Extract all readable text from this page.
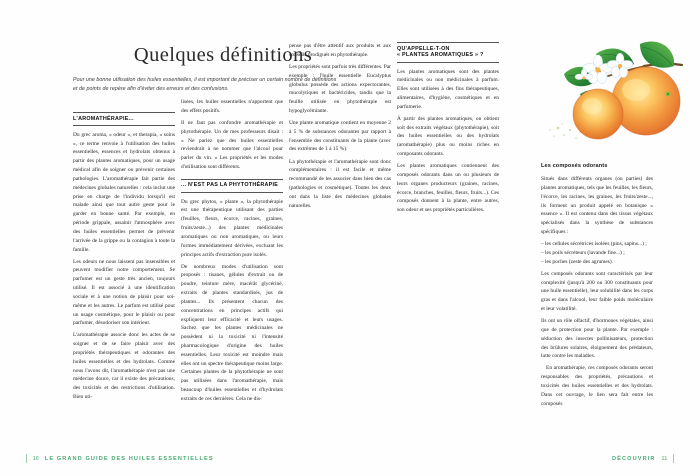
Quelques définitions
Pour une bonne utilisation des huiles essentielles, il est important de préciser un certain nombre de définitions et de points de repère afin d'éviter des erreurs et des confusions.
L'AROMATHÉRAPIE...

Du grec aroma, « odeur », et therapia, « soins », ce terme renvoie à l'utilisation des huiles essentielles, essences et hydrolats obtenus à partir des plantes aromatiques, pour un usage médical afin de soigner ou prévenir certaines pathologies. L'aromathérapie fait partie des médecines globales naturelles : cela inclut une prise en charge de l'individu lorsqu'il est malade ainsi que tout autre geste pour le garder en bonne santé. Par exemple, en période grippale, assainir l'atmosphère avec des huiles essentielles permet de prévenir l'arrivée de la grippe ou la contagion à toute la famille.

Les odeurs ne nous laissent pas insensibles et peuvent modifier notre comportement. Se parfumer est un geste très ancien, toujours utilisé. Il est associé à une identification sociale et à une notion de plaisir pour soi-même et les autres. Le parfum est utilisé pour un usage cosmétique, pour le plaisir ou pour parfumer, désodoriser son intérieur.

L'aromathérapie associe donc les actes de se soigner et de se faire plaisir avec des propriétés thérapeutiques et odorantes des huiles essentielles et des hydrolats. Comme nous l'avons dit, l'aromathérapie n'est pas une médecine douce, car il existe des précautions, des toxicités et des restrictions d'utilisation. Bien uti-

lisées, les huiles essentielles n'apportent que des effets positifs.

Il ne faut pas confondre aromathérapie et phytothérapie. Un de mes professeurs disait : « Ne parlez que des huiles essentielles reviendrait à ne nommer que l'alcool pour parler du vin. » Les propriétés et les modes d'utilisation sont différents.

... N'EST PAS LA PHYTOTHÉRAPIE

Du grec phytos, « plante », la phytothérapie est une thérapeutique utilisant des parties (feuilles, fleurs, écorce, racines, graines, fruits/zeste...) des plantes médicinales aromatiques ou non aromatiques, ou leurs formes immédiatement dérivées, excluant les principes actifs d'extraction pure isolés.

De nombreux modes d'utilisation sont proposés : tisanes, gélules d'extrait ou de poudre, teinture mère, macérât glycériné, extraits de plantes standardisés, jus de plantes... Ils présentent chacun des concentrations en principes actifs qui expliquent leur efficacité et leurs usages. Sachez que les plantes médicinales ne possèdent ni la toxicité ni l'intensité pharmacologique d'origine des huiles essentielles. Leur toxicité est moindre mais elles ont un spectre thérapeutique moins large. Certaines plantes de la phytothérapie ne sont pas utilisées dans l'aromathérapie, mais beaucoup d'huiles essentielles et d'hydrolats extraits de ces dernières. Cela ne dis-

pense pas d'être attentif aux produits et aux conseils prodigués en phytothérapie.

Les propriétés sont parfois très différentes. Par exemple : l'huile essentielle Eucalyptus globulus possède des actions expectorantes, mucolytiques et bactéricides, tandis que la feuille utilisée en phytothérapie est hypoglycémiante.

Une plante aromatique contient en moyenne 2 à 5 % de substances odorantes par rapport à l'ensemble des constituants de la plante (avec des extrêmes de 1 à 15 %).

La phytothérapie et l'aromathérapie sont donc complémentaires : il est facile et même recommandé de les associer dans bien des cas (pathologies et cosmétique). Toutes les deux ont dans la liste des médecines globales naturelles.

QU'APPELLE-T-ON
« PLANTES AROMATIQUES » ?

Les plantes aromatiques sont des plantes médicinales ou non médicinales à parfum. Elles sont utilisées à des fins thérapeutiques, alimentaires, d'hygiène, cosmétiques et en parfumerie.

À partir des plantes aromatiques, on obtient soit des extraits végétaux (phytothérapie), soit des huiles essentielles ou des hydrolats (aromathérapie) plus ou moins riches en composants odorants.

Les plantes aromatiques contiennent des composés odorants dans un ou plusieurs de leurs organes producteurs (graines, racines, écorce, branches, feuilles, fleurs, fruits...). Ces composés donnent à la plante, entre autres, son odeur et ses propriétés particulières.

Les composés odorants

Situés dans différents organes (ou parties) des plantes aromatiques, tels que les feuilles, les fleurs, l'écorce, les racines, les graines, les fruits/zeste..., ils forment un produit appelé en botanique « essence ». Il est contenu dans des tissus végétaux spécialisés dans la synthèse de substances spécifiques :

– les cellules sécrétrices isolées (pins, sapins...) ;
– les poils sécréteurs (lavande fine...) ;
– les poches (zeste des agrumes).

Les composés odorants sont caractérisés par leur complexité (jusqu'à 200 ou 300 constituants pour une huile essentielle), leur solubilité dans les corps gras et dans l'alcool, leur faible poids moléculaire et leur volatilité.

Ils ont un rôle olfactif, d'hormones végétales, ainsi que de protection pour la plante. Par exemple : séduction des insectes pollinisateurs, protection des brûlures solaires, éloignement des prédateurs, lutte contre les maladies.

En aromathérapie, ces composés odorants seront responsables des propriétés, précautions et toxicités des huiles essentielles et des hydrolats. Dans cet ouvrage, le lien sera fait entre les composés

10 LE GRAND GUIDE DES HUILES ESSENTIELLES	DÉCOUVRIR 11
